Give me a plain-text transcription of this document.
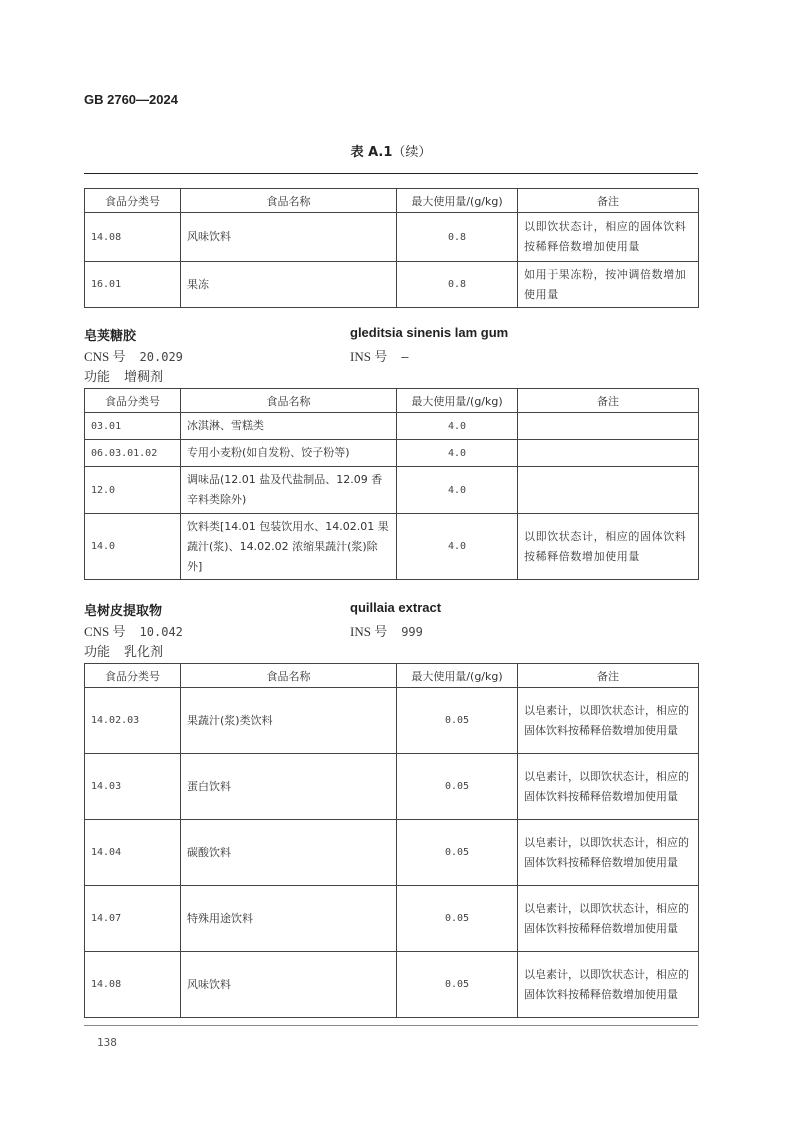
GB 2760—2024
表 A.1（续）
食品分类号	食品名称	最大使用量/(g/kg)	备注
14.08	风味饮料	0.8	以即饮状态计，相应的固体饮料按稀释倍数增加使用量
16.01	果冻	0.8	如用于果冻粉，按冲调倍数增加使用量
皂荚糖胶	gleditsia sinenis lam gum
CNS 号 20.029	INS 号 —
功能 增稠剂
食品分类号	食品名称	最大使用量/(g/kg)	备注
03.01	冰淇淋、雪糕类	4.0	
06.03.01.02	专用小麦粉(如自发粉、饺子粉等)	4.0	
12.0	调味品(12.01 盐及代盐制品、12.09 香辛料类除外)	4.0	
14.0	饮料类[14.01 包装饮用水、14.02.01 果蔬汁(浆)、14.02.02 浓缩果蔬汁(浆)除外]	4.0	以即饮状态计，相应的固体饮料按稀释倍数增加使用量
皂树皮提取物	quillaia extract
CNS 号 10.042	INS 号 999
功能 乳化剂
食品分类号	食品名称	最大使用量/(g/kg)	备注
14.02.03	果蔬汁(浆)类饮料	0.05	以皂素计，以即饮状态计，相应的固体饮料按稀释倍数增加使用量
14.03	蛋白饮料	0.05	以皂素计，以即饮状态计，相应的固体饮料按稀释倍数增加使用量
14.04	碳酸饮料	0.05	以皂素计，以即饮状态计，相应的固体饮料按稀释倍数增加使用量
14.07	特殊用途饮料	0.05	以皂素计，以即饮状态计，相应的固体饮料按稀释倍数增加使用量
14.08	风味饮料	0.05	以皂素计，以即饮状态计，相应的固体饮料按稀释倍数增加使用量
138
